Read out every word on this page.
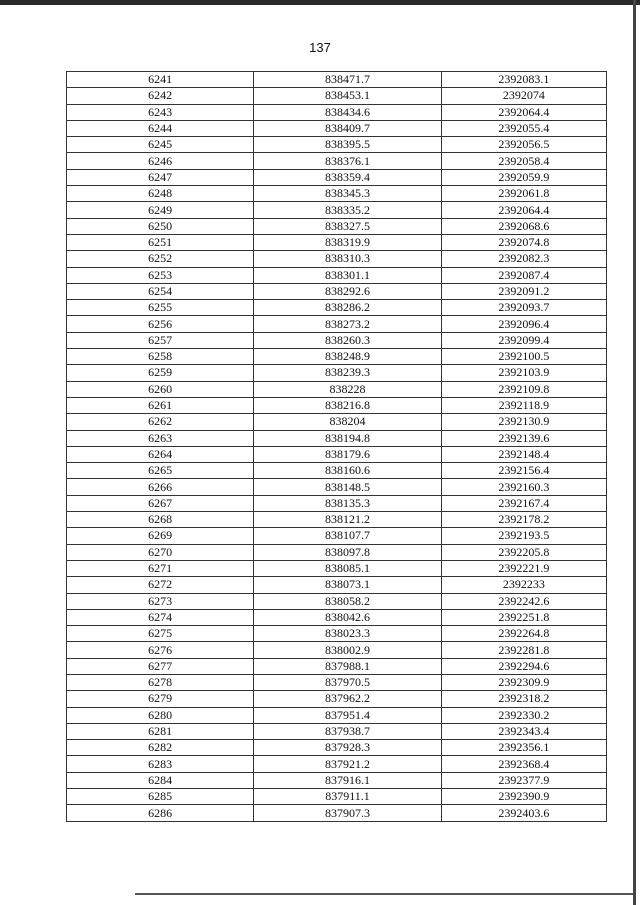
137
6241	838471.7	2392083.1
6242	838453.1	2392074
6243	838434.6	2392064.4
6244	838409.7	2392055.4
6245	838395.5	2392056.5
6246	838376.1	2392058.4
6247	838359.4	2392059.9
6248	838345.3	2392061.8
6249	838335.2	2392064.4
6250	838327.5	2392068.6
6251	838319.9	2392074.8
6252	838310.3	2392082.3
6253	838301.1	2392087.4
6254	838292.6	2392091.2
6255	838286.2	2392093.7
6256	838273.2	2392096.4
6257	838260.3	2392099.4
6258	838248.9	2392100.5
6259	838239.3	2392103.9
6260	838228	2392109.8
6261	838216.8	2392118.9
6262	838204	2392130.9
6263	838194.8	2392139.6
6264	838179.6	2392148.4
6265	838160.6	2392156.4
6266	838148.5	2392160.3
6267	838135.3	2392167.4
6268	838121.2	2392178.2
6269	838107.7	2392193.5
6270	838097.8	2392205.8
6271	838085.1	2392221.9
6272	838073.1	2392233
6273	838058.2	2392242.6
6274	838042.6	2392251.8
6275	838023.3	2392264.8
6276	838002.9	2392281.8
6277	837988.1	2392294.6
6278	837970.5	2392309.9
6279	837962.2	2392318.2
6280	837951.4	2392330.2
6281	837938.7	2392343.4
6282	837928.3	2392356.1
6283	837921.2	2392368.4
6284	837916.1	2392377.9
6285	837911.1	2392390.9
6286	837907.3	2392403.6
